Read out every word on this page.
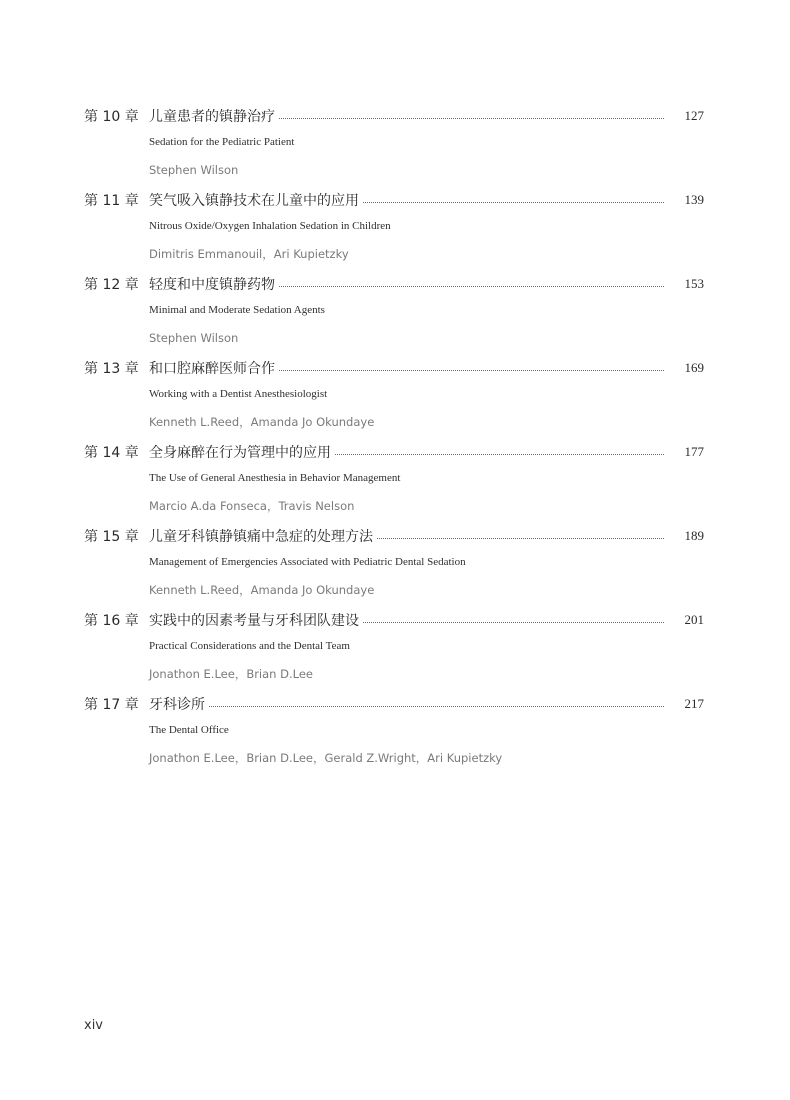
第 10 章 儿童患者的镇静治疗	127
Sedation for the Pediatric Patient
Stephen Wilson
第 11 章 笑气吸入镇静技术在儿童中的应用	139
Nitrous Oxide/Oxygen Inhalation Sedation in Children
Dimitris Emmanouil，Ari Kupietzky
第 12 章 轻度和中度镇静药物	153
Minimal and Moderate Sedation Agents
Stephen Wilson
第 13 章 和口腔麻醉医师合作	169
Working with a Dentist Anesthesiologist
Kenneth L.Reed，Amanda Jo Okundaye
第 14 章 全身麻醉在行为管理中的应用	177
The Use of General Anesthesia in Behavior Management
Marcio A.da Fonseca，Travis Nelson
第 15 章 儿童牙科镇静镇痛中急症的处理方法	189
Management of Emergencies Associated with Pediatric Dental Sedation
Kenneth L.Reed，Amanda Jo Okundaye
第 16 章 实践中的因素考量与牙科团队建设	201
Practical Considerations and the Dental Team
Jonathon E.Lee，Brian D.Lee
第 17 章 牙科诊所	217
The Dental Office
Jonathon E.Lee，Brian D.Lee，Gerald Z.Wright，Ari Kupietzky
xiv
